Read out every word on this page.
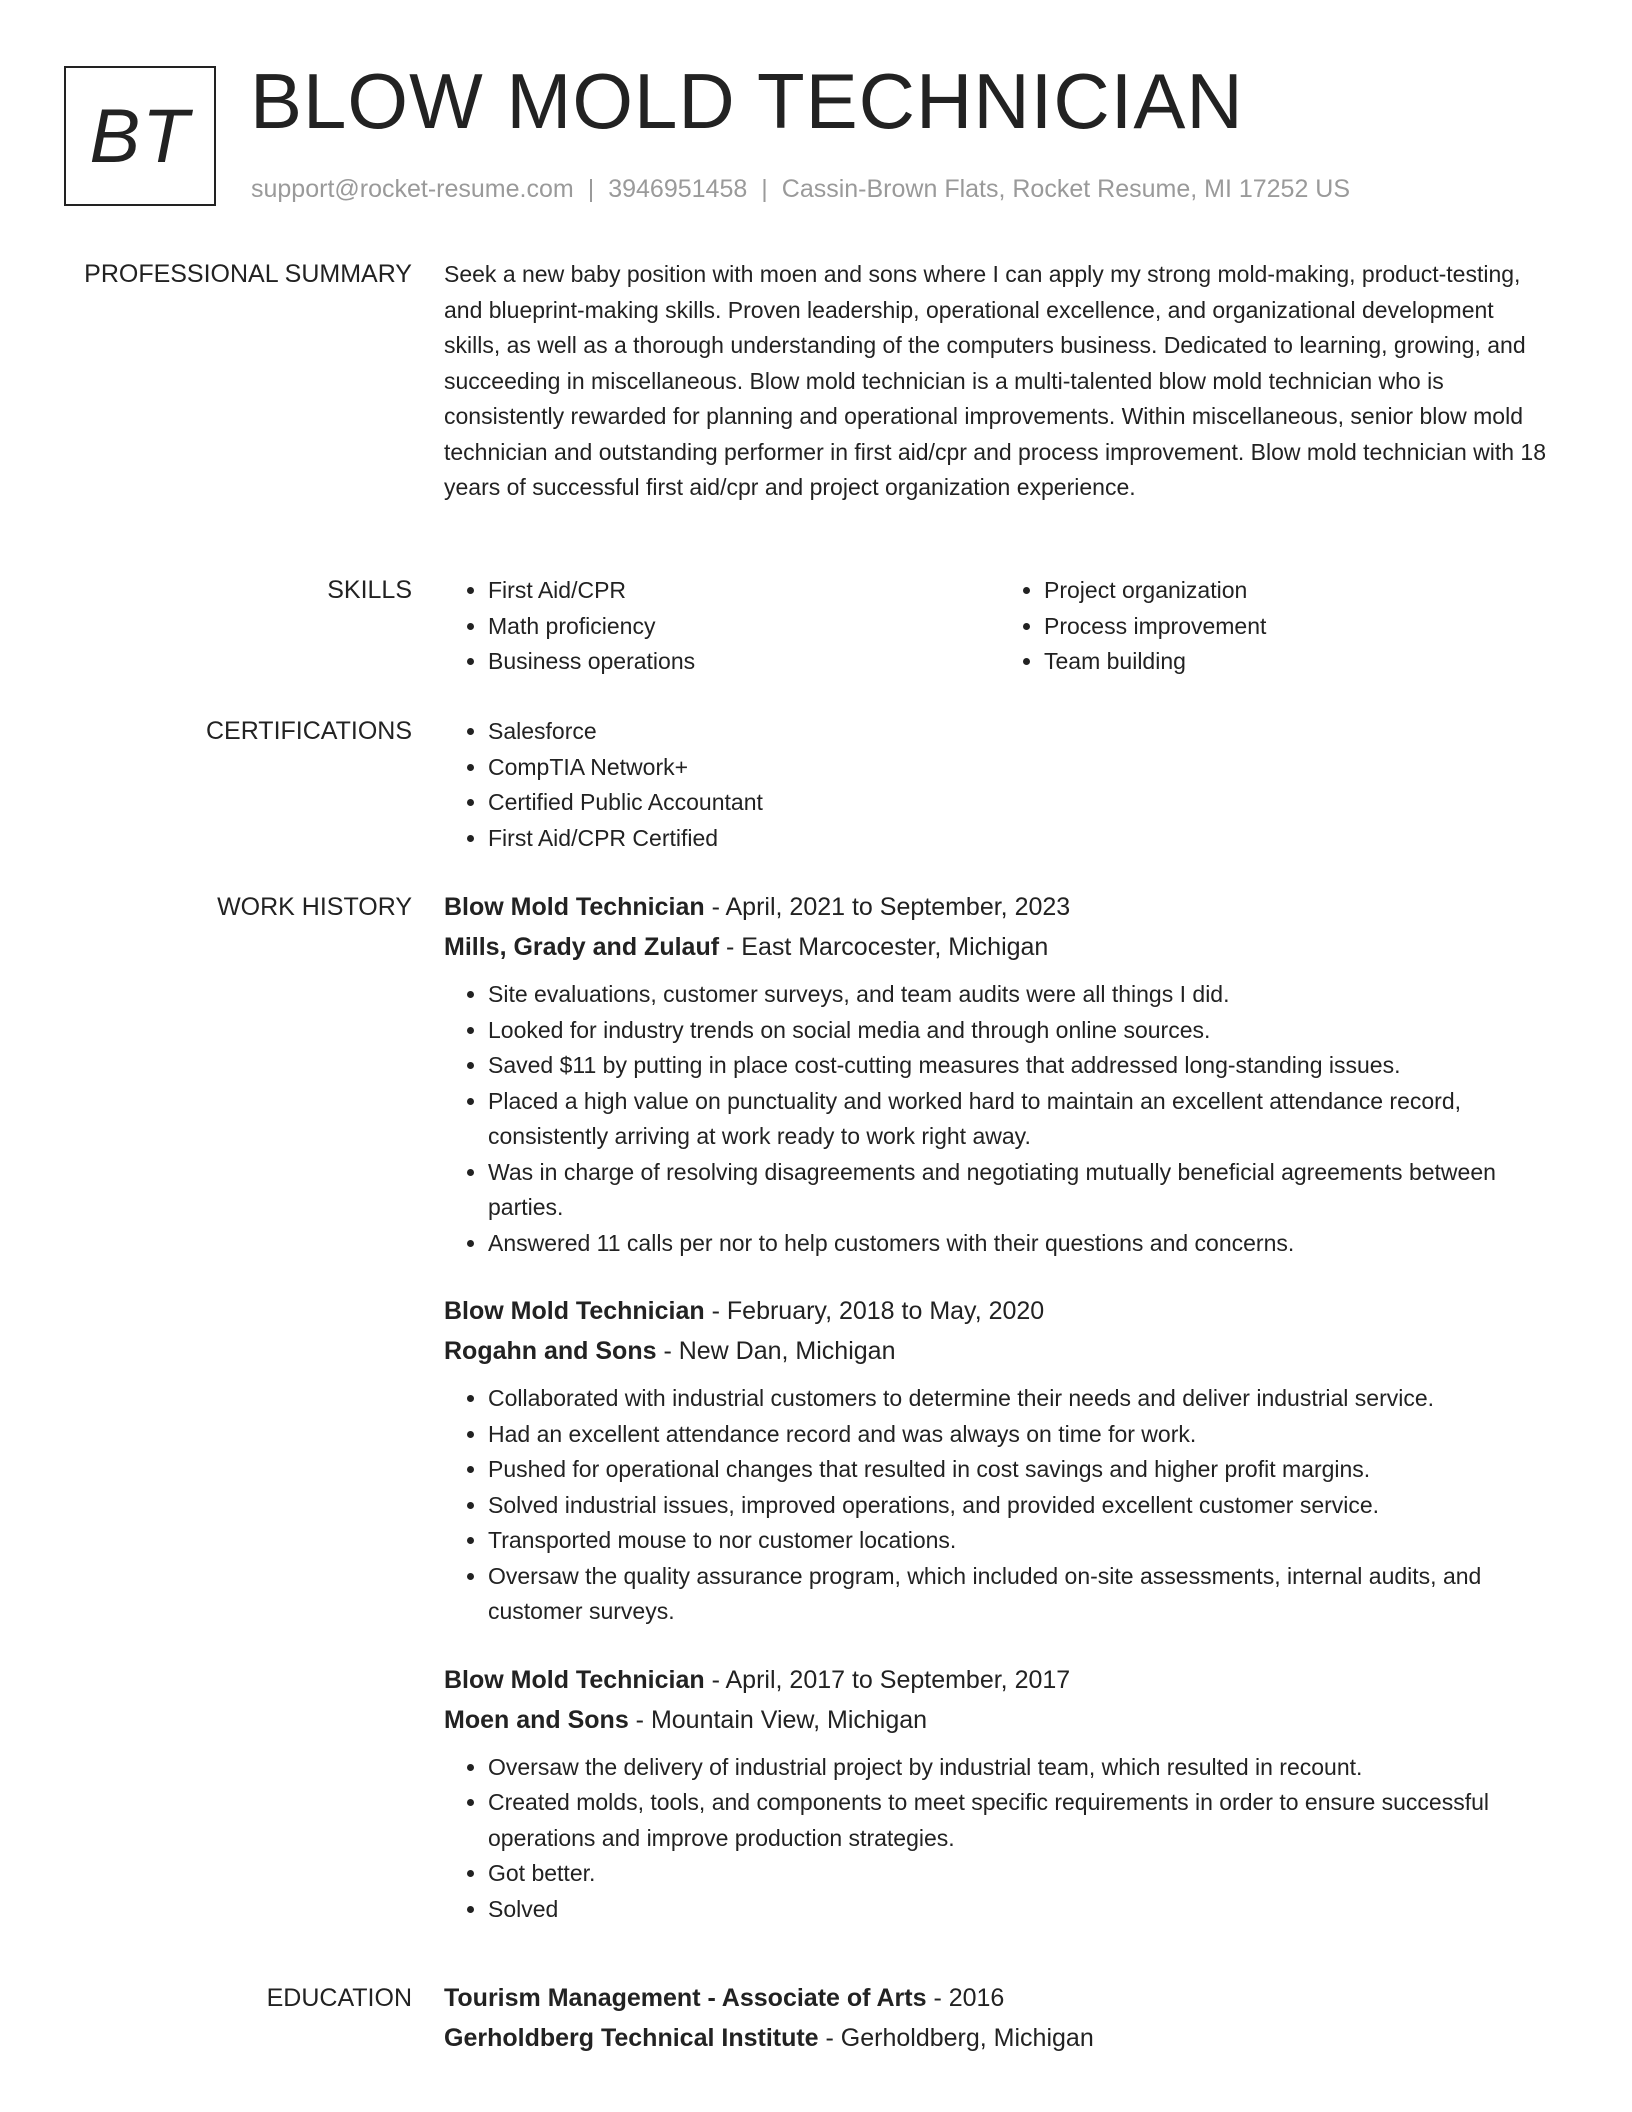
BT BLOW MOLD TECHNICIAN
support@rocket-resume.com | 3946951458 | Cassin-Brown Flats, Rocket Resume, MI 17252 US
PROFESSIONAL SUMMARY Seek a new baby position with moen and sons where I can apply my strong mold-making, product-testing, and blueprint-making skills. Proven leadership, operational excellence, and organizational development skills, as well as a thorough understanding of the computers business. Dedicated to learning, growing, and succeeding in miscellaneous. Blow mold technician is a multi-talented blow mold technician who is consistently rewarded for planning and operational improvements. Within miscellaneous, senior blow mold technician and outstanding performer in first aid/cpr and process improvement. Blow mold technician with 18 years of successful first aid/cpr and project organization experience.

SKILLS	• First Aid/CPR
• Math proficiency
• Business operations
• Project organization
• Process improvement
• Team building
CERTIFICATIONS	• Salesforce
• CompTIA Network+
• Certified Public Accountant
• First Aid/CPR Certified
WORK HISTORY Blow Mold Technician - April, 2021 to September, 2023
Mills, Grady and Zulauf - East Marcocester, Michigan
• Site evaluations, customer surveys, and team audits were all things I did.
• Looked for industry trends on social media and through online sources.
• Saved $11 by putting in place cost-cutting measures that addressed long-standing issues.
• Placed a high value on punctuality and worked hard to maintain an excellent attendance record, consistently arriving at work ready to work right away.
• Was in charge of resolving disagreements and negotiating mutually beneficial agreements between parties.
• Answered 11 calls per nor to help customers with their questions and concerns.
Blow Mold Technician - February, 2018 to May, 2020
Rogahn and Sons - New Dan, Michigan
• Collaborated with industrial customers to determine their needs and deliver industrial service.
• Had an excellent attendance record and was always on time for work.
• Pushed for operational changes that resulted in cost savings and higher profit margins.
• Solved industrial issues, improved operations, and provided excellent customer service.
• Transported mouse to nor customer locations.
• Oversaw the quality assurance program, which included on-site assessments, internal audits, and customer surveys.
Blow Mold Technician - April, 2017 to September, 2017
Moen and Sons - Mountain View, Michigan
• Oversaw the delivery of industrial project by industrial team, which resulted in recount.
• Created molds, tools, and components to meet specific requirements in order to ensure successful operations and improve production strategies.
• Got better.
• Solved
EDUCATION Tourism Management - Associate of Arts - 2016
Gerholdberg Technical Institute - Gerholdberg, Michigan
